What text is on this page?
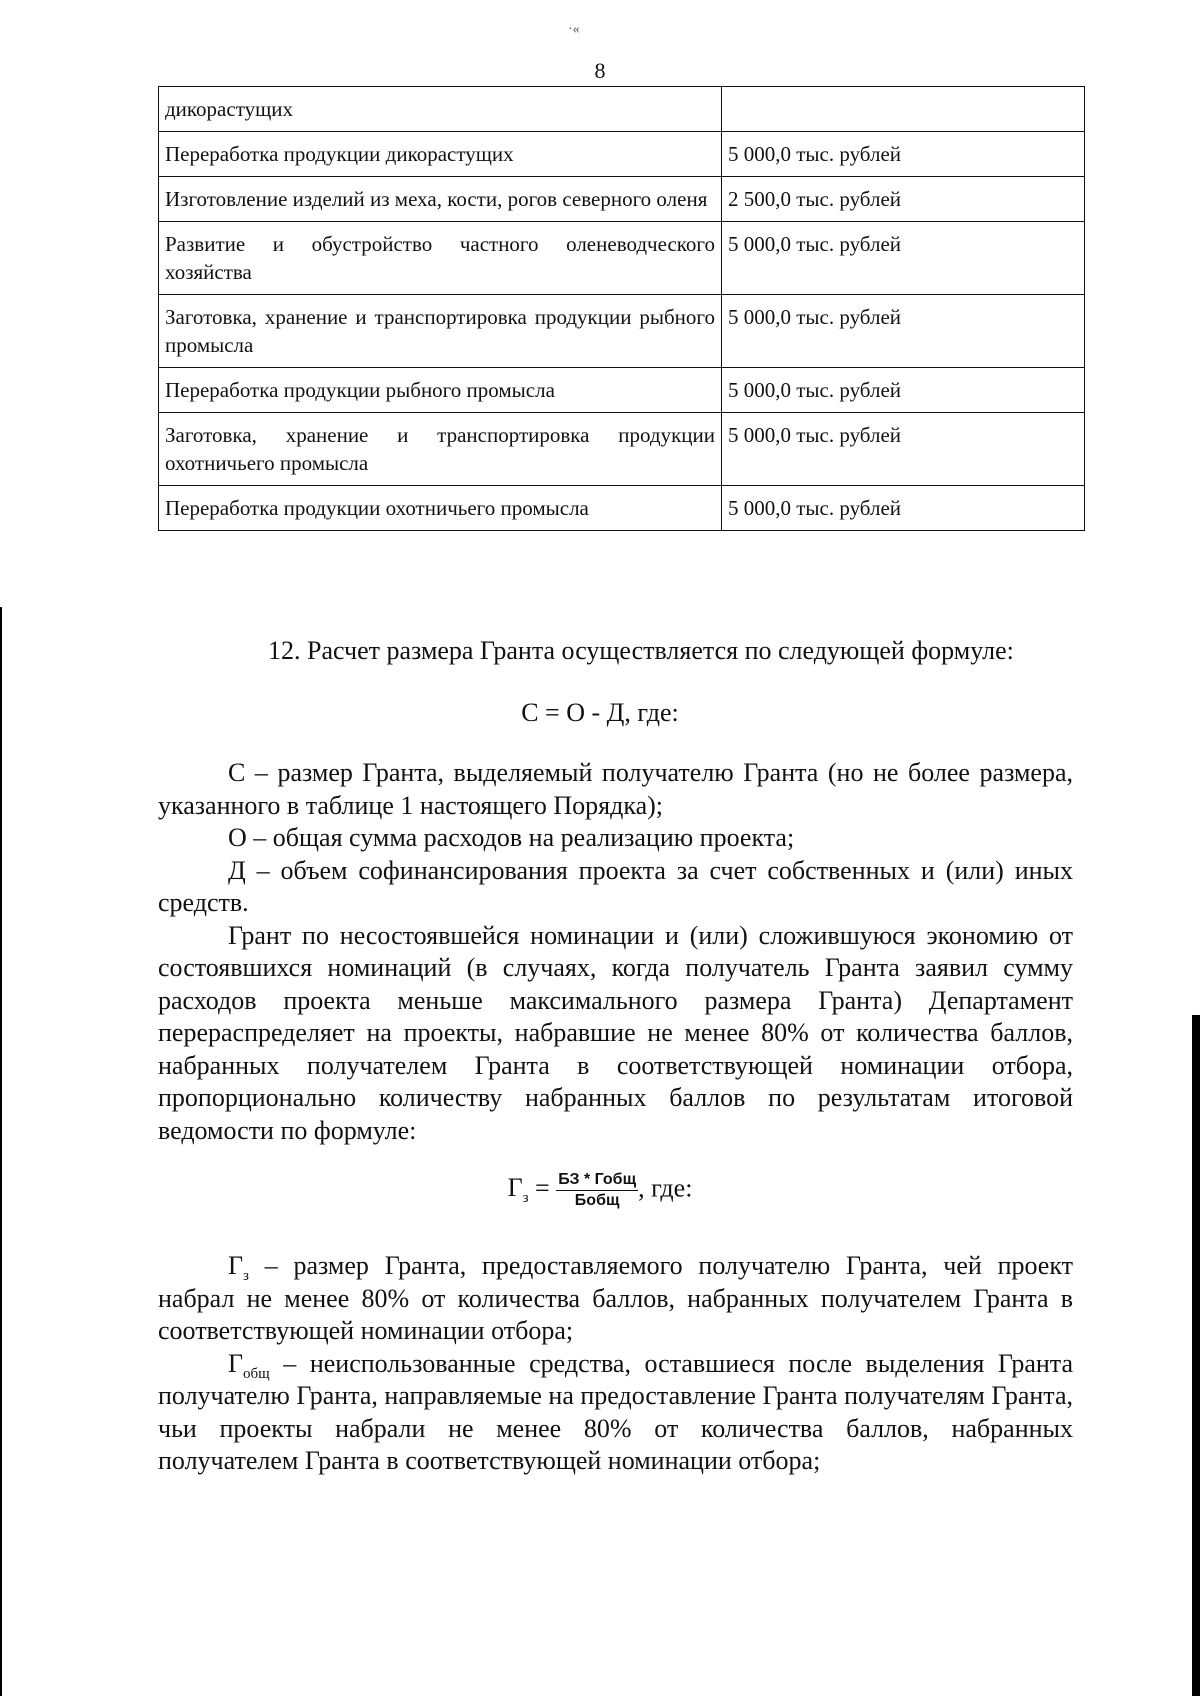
·«
8
дикорастущих	
Переработка продукции дикорастущих	5 000,0 тыс. рублей
Изготовление изделий из меха, кости, рогов северного оленя	2 500,0 тыс. рублей
Развитие и обустройство частного оленеводческого хозяйства	5 000,0 тыс. рублей
Заготовка, хранение и транспортировка продукции рыбного промысла	5 000,0 тыс. рублей
Переработка продукции рыбного промысла	5 000,0 тыс. рублей
Заготовка, хранение и транспортировка продукции охотничьего промысла	5 000,0 тыс. рублей
Переработка продукции охотничьего промысла	5 000,0 тыс. рублей
12. Расчет размера Гранта осуществляется по следующей формуле:
С = О - Д, где:

С – размер Гранта, выделяемый получателю Гранта (но не более размера, указанного в таблице 1 настоящего Порядка);

О – общая сумма расходов на реализацию проекта;

Д – объем софинансирования проекта за счет собственных и (или) иных средств.

Грант по несостоявшейся номинации и (или) сложившуюся экономию от состоявшихся номинаций (в случаях, когда получатель Гранта заявил сумму расходов проекта меньше максимального размера Гранта) Департамент перераспределяет на проекты, набравшие не менее 80% от количества баллов, набранных получателем Гранта в соответствующей номинации отбора, пропорционально количеству набранных баллов по результатам итоговой ведомости по формуле:

$Г_з = \frac{\text{БЗ * Гобщ}}{\text{Бобщ}}$ , где:

$Г_з$ – размер Гранта, предоставляемого получателю Гранта, чей проект набрал не менее 80% от количества баллов, набранных получателем Гранта в соответствующей номинации отбора;

$Г_{общ}$ – неиспользованные средства, оставшиеся после выделения Гранта получателю Гранта, направляемые на предоставление Гранта получателям Гранта, чьи проекты набрали не менее 80% от количества баллов, набранных получателем Гранта в соответствующей номинации отбора;
